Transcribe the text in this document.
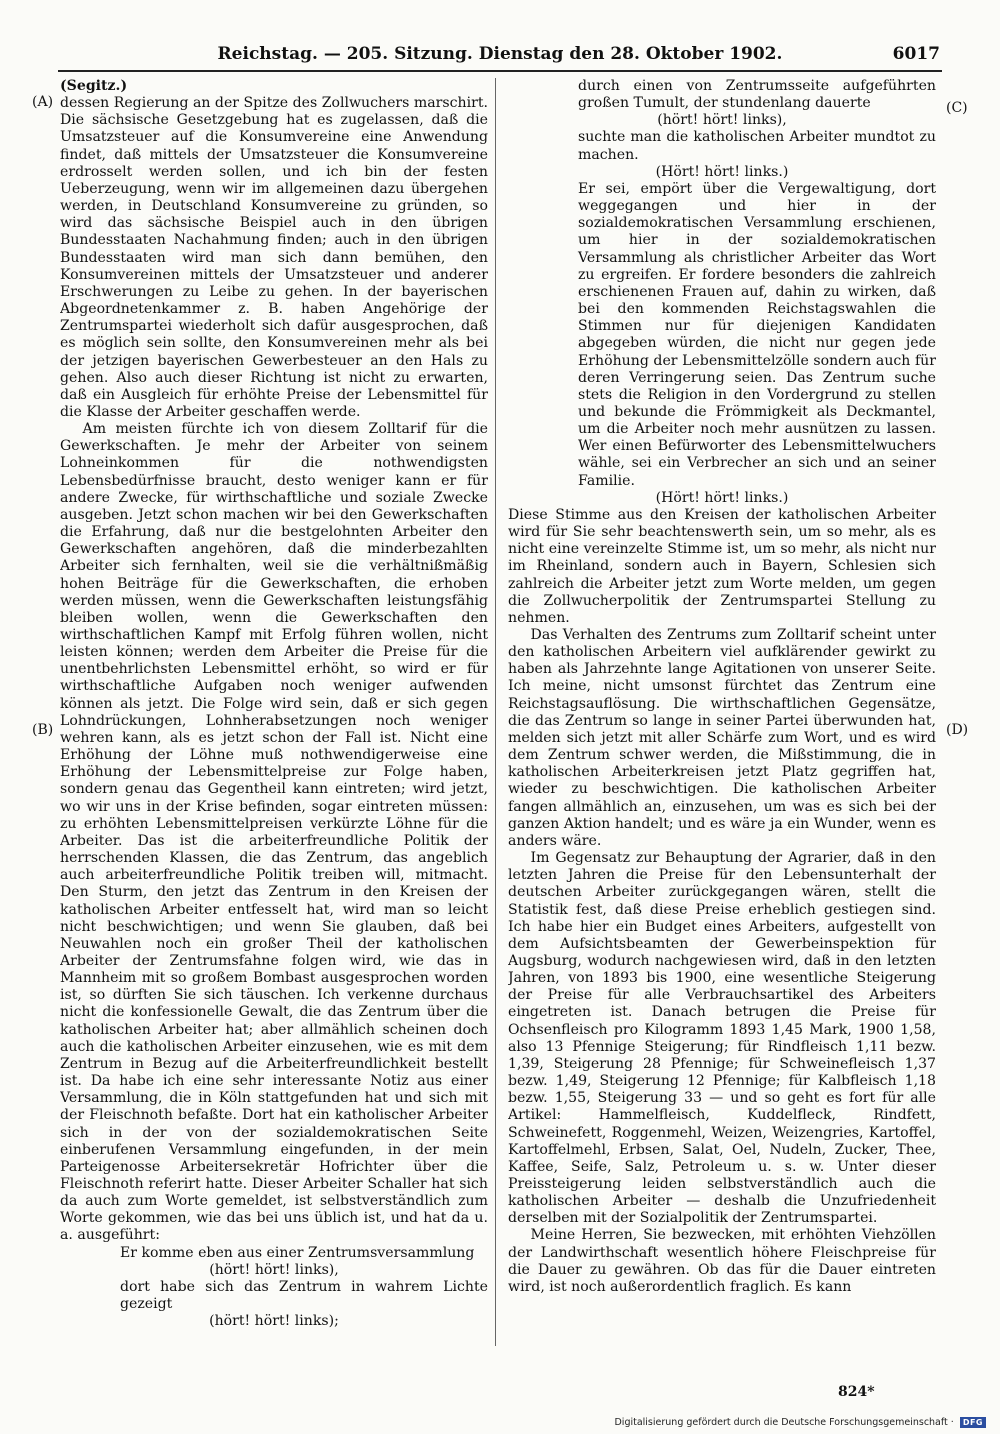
Reichstag. — 205. Sitzung. Dienstag den 28. Oktober 1902.	6017
(A)
(B)
(C)
(D)

(Segitz.)

dessen Regierung an der Spitze des Zollwuchers marschirt. Die sächsische Gesetzgebung hat es zugelassen, daß die Umsatzsteuer auf die Konsumvereine eine Anwendung findet, daß mittels der Umsatzsteuer die Konsumvereine erdrosselt werden sollen, und ich bin der festen Ueberzeugung, wenn wir im allgemeinen dazu übergehen werden, in Deutschland Konsumvereine zu gründen, so wird das sächsische Beispiel auch in den übrigen Bundesstaaten Nachahmung finden; auch in den übrigen Bundesstaaten wird man sich dann bemühen, den Konsumvereinen mittels der Umsatzsteuer und anderer Erschwerungen zu Leibe zu gehen. In der bayerischen Abgeordnetenkammer z. B. haben Angehörige der Zentrumspartei wiederholt sich dafür ausgesprochen, daß es möglich sein sollte, den Konsumvereinen mehr als bei der jetzigen bayerischen Gewerbesteuer an den Hals zu gehen. Also auch dieser Richtung ist nicht zu erwarten, daß ein Ausgleich für erhöhte Preise der Lebensmittel für die Klasse der Arbeiter geschaffen werde.

Am meisten fürchte ich von diesem Zolltarif für die Gewerkschaften. Je mehr der Arbeiter von seinem Lohneinkommen für die nothwendigsten Lebensbedürfnisse braucht, desto weniger kann er für andere Zwecke, für wirthschaftliche und soziale Zwecke ausgeben. Jetzt schon machen wir bei den Gewerkschaften die Erfahrung, daß nur die bestgelohnten Arbeiter den Gewerkschaften angehören, daß die minderbezahlten Arbeiter sich fernhalten, weil sie die verhältnißmäßig hohen Beiträge für die Gewerkschaften, die erhoben werden müssen, wenn die Gewerkschaften leistungsfähig bleiben wollen, wenn die Gewerkschaften den wirthschaftlichen Kampf mit Erfolg führen wollen, nicht leisten können; werden dem Arbeiter die Preise für die unentbehrlichsten Lebensmittel erhöht, so wird er für wirthschaftliche Aufgaben noch weniger aufwenden können als jetzt. Die Folge wird sein, daß er sich gegen Lohndrückungen, Lohnherabsetzungen noch weniger wehren kann, als es jetzt schon der Fall ist. Nicht eine Erhöhung der Löhne muß nothwendigerweise eine Erhöhung der Lebensmittelpreise zur Folge haben, sondern genau das Gegentheil kann eintreten; wird jetzt, wo wir uns in der Krise befinden, sogar eintreten müssen: zu erhöhten Lebensmittelpreisen verkürzte Löhne für die Arbeiter. Das ist die arbeiterfreundliche Politik der herrschenden Klassen, die das Zentrum, das angeblich auch arbeiterfreundliche Politik treiben will, mitmacht. Den Sturm, den jetzt das Zentrum in den Kreisen der katholischen Arbeiter entfesselt hat, wird man so leicht nicht beschwichtigen; und wenn Sie glauben, daß bei Neuwahlen noch ein großer Theil der katholischen Arbeiter der Zentrumsfahne folgen wird, wie das in Mannheim mit so großem Bombast ausgesprochen worden ist, so dürften Sie sich täuschen. Ich verkenne durchaus nicht die konfessionelle Gewalt, die das Zentrum über die katholischen Arbeiter hat; aber allmählich scheinen doch auch die katholischen Arbeiter einzusehen, wie es mit dem Zentrum in Bezug auf die Arbeiterfreundlichkeit bestellt ist. Da habe ich eine sehr interessante Notiz aus einer Versammlung, die in Köln stattgefunden hat und sich mit der Fleischnoth befaßte. Dort hat ein katholischer Arbeiter sich in der von der sozialdemokratischen Seite einberufenen Versammlung eingefunden, in der mein Parteigenosse Arbeitersekretär Hofrichter über die Fleischnoth referirt hatte. Dieser Arbeiter Schaller hat sich da auch zum Worte gemeldet, ist selbstverständlich zum Worte gekommen, wie das bei uns üblich ist, und hat da u. a. ausgeführt:

Er komme eben aus einer Zentrumsversammlung

(hört! hört! links),

dort habe sich das Zentrum in wahrem Lichte gezeigt

(hört! hört! links);

durch einen von Zentrumsseite aufgeführten großen Tumult, der stundenlang dauerte

(hört! hört! links),

suchte man die katholischen Arbeiter mundtot zu machen.

(Hört! hört! links.)

Er sei, empört über die Vergewaltigung, dort weggegangen und hier in der sozialdemokratischen Versammlung erschienen, um hier in der sozialdemokratischen Versammlung als christlicher Arbeiter das Wort zu ergreifen. Er fordere besonders die zahlreich erschienenen Frauen auf, dahin zu wirken, daß bei den kommenden Reichstagswahlen die Stimmen nur für diejenigen Kandidaten abgegeben würden, die nicht nur gegen jede Erhöhung der Lebensmittelzölle sondern auch für deren Verringerung seien. Das Zentrum suche stets die Religion in den Vordergrund zu stellen und bekunde die Frömmigkeit als Deckmantel, um die Arbeiter noch mehr ausnützen zu lassen. Wer einen Befürworter des Lebensmittelwuchers wähle, sei ein Verbrecher an sich und an seiner Familie.

(Hört! hört! links.)

Diese Stimme aus den Kreisen der katholischen Arbeiter wird für Sie sehr beachtenswerth sein, um so mehr, als es nicht eine vereinzelte Stimme ist, um so mehr, als nicht nur im Rheinland, sondern auch in Bayern, Schlesien sich zahlreich die Arbeiter jetzt zum Worte melden, um gegen die Zollwucherpolitik der Zentrumspartei Stellung zu nehmen.

Das Verhalten des Zentrums zum Zolltarif scheint unter den katholischen Arbeitern viel aufklärender gewirkt zu haben als Jahrzehnte lange Agitationen von unserer Seite. Ich meine, nicht umsonst fürchtet das Zentrum eine Reichstagsauflösung. Die wirthschaftlichen Gegensätze, die das Zentrum so lange in seiner Partei überwunden hat, melden sich jetzt mit aller Schärfe zum Wort, und es wird dem Zentrum schwer werden, die Mißstimmung, die in katholischen Arbeiterkreisen jetzt Platz gegriffen hat, wieder zu beschwichtigen. Die katholischen Arbeiter fangen allmählich an, einzusehen, um was es sich bei der ganzen Aktion handelt; und es wäre ja ein Wunder, wenn es anders wäre.

Im Gegensatz zur Behauptung der Agrarier, daß in den letzten Jahren die Preise für den Lebensunterhalt der deutschen Arbeiter zurückgegangen wären, stellt die Statistik fest, daß diese Preise erheblich gestiegen sind. Ich habe hier ein Budget eines Arbeiters, aufgestellt von dem Aufsichtsbeamten der Gewerbeinspektion für Augsburg, wodurch nachgewiesen wird, daß in den letzten Jahren, von 1893 bis 1900, eine wesentliche Steigerung der Preise für alle Verbrauchsartikel des Arbeiters eingetreten ist. Danach betrugen die Preise für Ochsenfleisch pro Kilogramm 1893 1,45 Mark, 1900 1,58, also 13 Pfennige Steigerung; für Rindfleisch 1,11 bezw. 1,39, Steigerung 28 Pfennige; für Schweinefleisch 1,37 bezw. 1,49, Steigerung 12 Pfennige; für Kalbfleisch 1,18 bezw. 1,55, Steigerung 33 — und so geht es fort für alle Artikel: Hammelfleisch, Kuddelfleck, Rindfett, Schweinefett, Roggenmehl, Weizen, Weizengries, Kartoffel, Kartoffelmehl, Erbsen, Salat, Oel, Nudeln, Zucker, Thee, Kaffee, Seife, Salz, Petroleum u. s. w. Unter dieser Preissteigerung leiden selbstverständlich auch die katholischen Arbeiter — deshalb die Unzufriedenheit derselben mit der Sozialpolitik der Zentrumspartei.

Meine Herren, Sie bezwecken, mit erhöhten Viehzöllen der Landwirthschaft wesentlich höhere Fleischpreise für die Dauer zu gewähren. Ob das für die Dauer eintreten wird, ist noch außerordentlich fraglich. Es kann

824*
Digitalisierung gefördert durch die Deutsche Forschungsgemeinschaft ·	DFG
